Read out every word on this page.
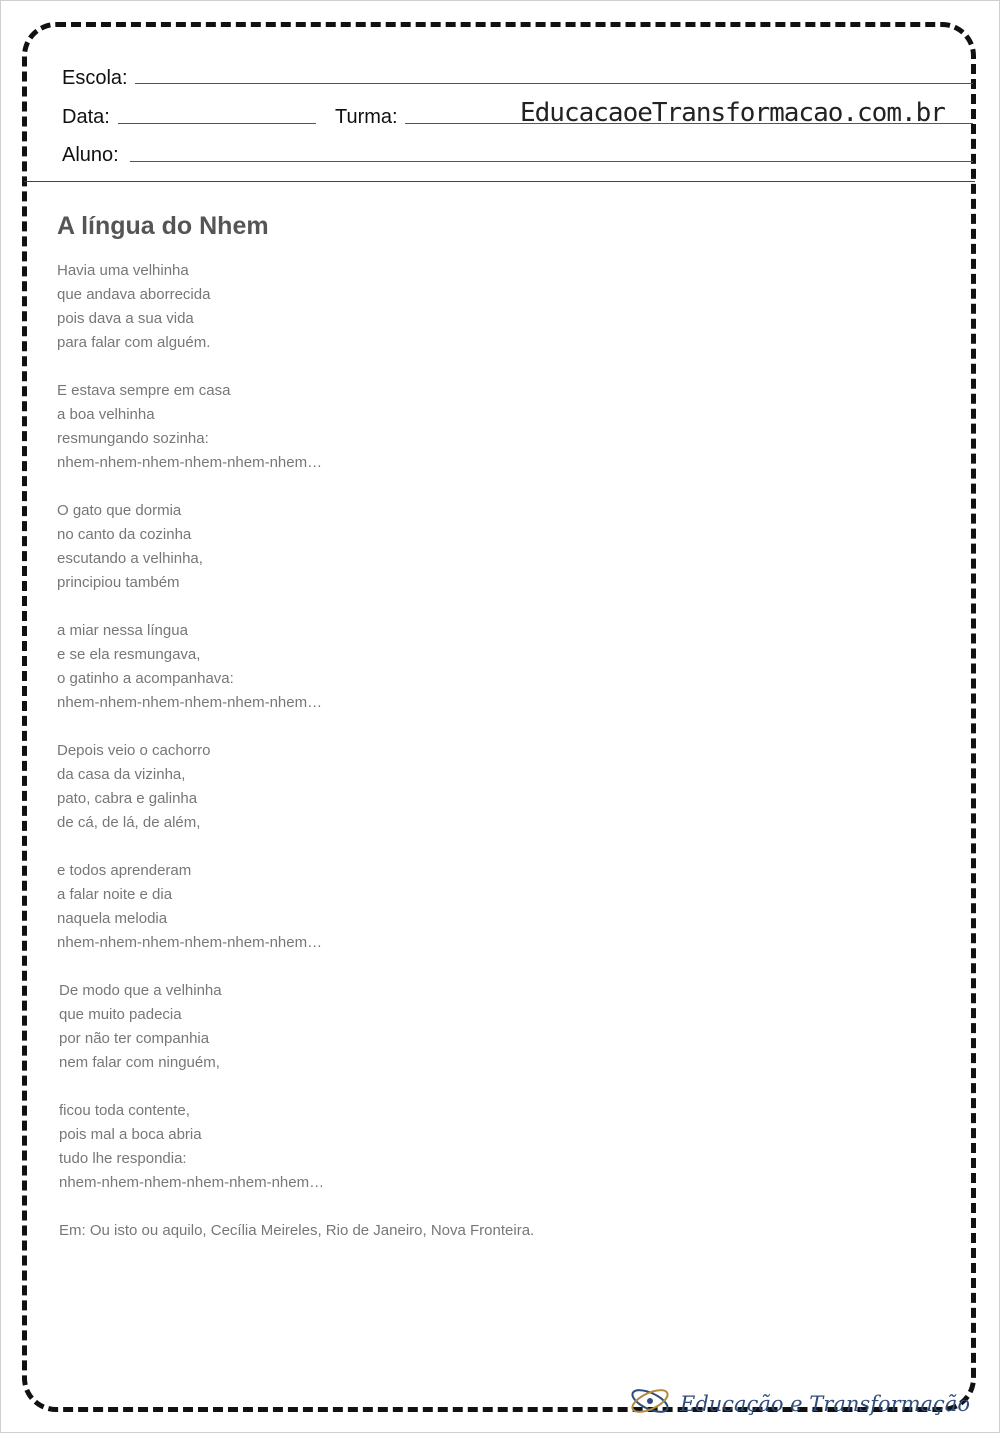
Escola:
Data:	Turma:	EducacaoeTransformacao.com.br
Aluno:
A língua do Nhem
Havia uma velhinha
que andava aborrecida
pois dava a sua vida
para falar com alguém.
E estava sempre em casa
a boa velhinha
resmungando sozinha:
nhem-nhem-nhem-nhem-nhem-nhem…
O gato que dormia
no canto da cozinha
escutando a velhinha,
principiou também
a miar nessa língua
e se ela resmungava,
o gatinho a acompanhava:
nhem-nhem-nhem-nhem-nhem-nhem…
Depois veio o cachorro
da casa da vizinha,
pato, cabra e galinha
de cá, de lá, de além,
e todos aprenderam
a falar noite e dia
naquela melodia
nhem-nhem-nhem-nhem-nhem-nhem…
De modo que a velhinha
que muito padecia
por não ter companhia
nem falar com ninguém,
ficou toda contente,
pois mal a boca abria
tudo lhe respondia:
nhem-nhem-nhem-nhem-nhem-nhem…
Em: Ou isto ou aquilo, Cecília Meireles, Rio de Janeiro, Nova Fronteira.
Educação e Transformação
